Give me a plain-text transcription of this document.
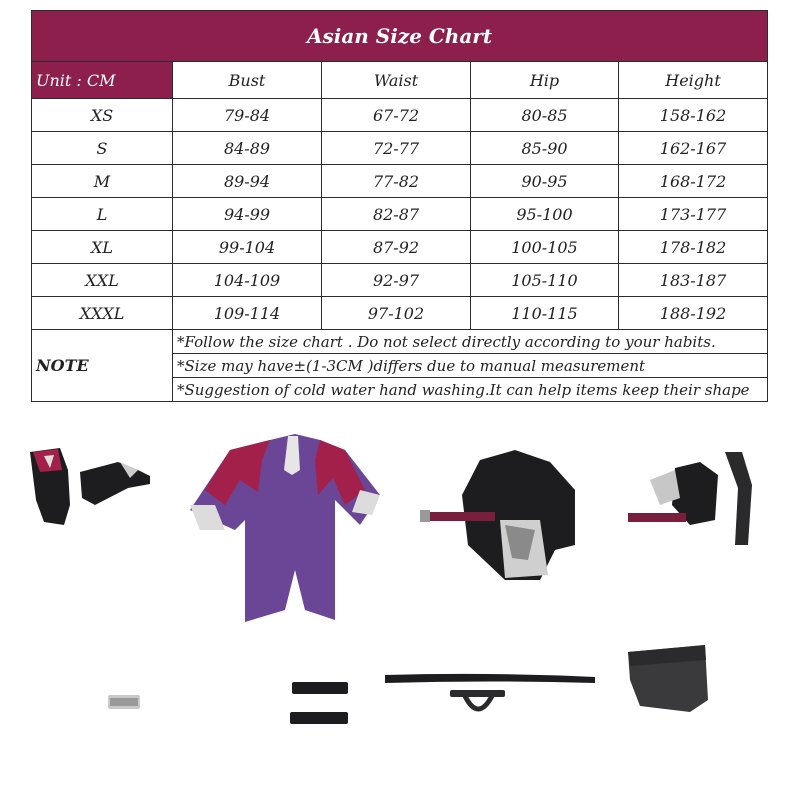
Asian Size Chart				
Unit : CM	Bust	Waist	Hip	Height
XS	79-84	67-72	80-85	158-162
S	84-89	72-77	85-90	162-167
M	89-94	77-82	90-95	168-172
L	94-99	82-87	95-100	173-177
XL	99-104	87-92	100-105	178-182
XXL	104-109	92-97	105-110	183-187
XXXL	109-114	97-102	110-115	188-192
NOTE	*Follow the size chart . Do not select directly according to your habits.			
	*Size may have±(1-3CM )differs due to manual measurement			
	*Suggestion of cold water hand washing.It can help items keep their shape			
